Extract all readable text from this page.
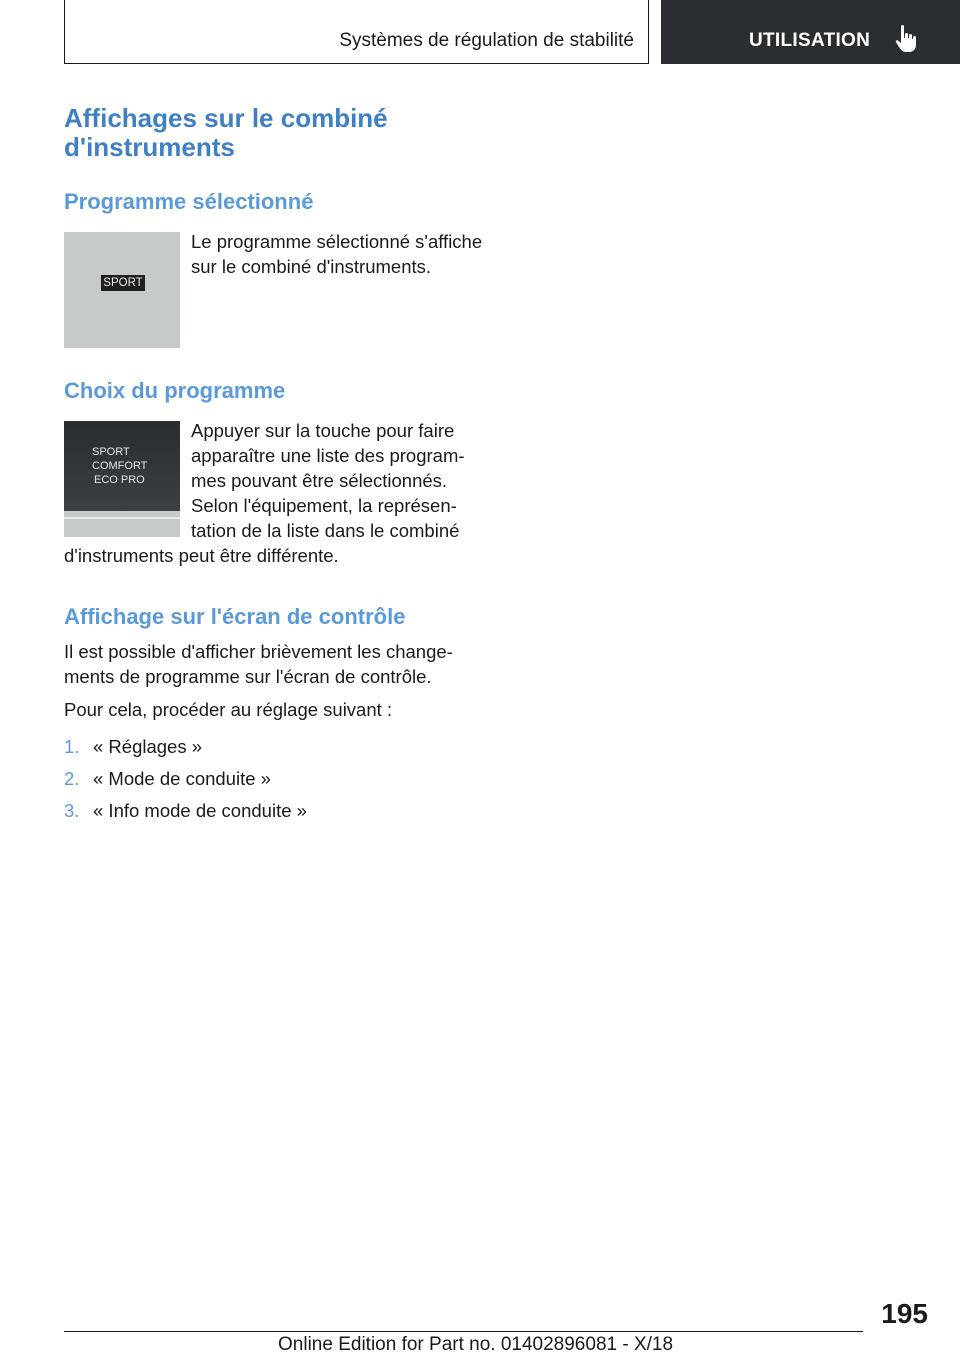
Systèmes de régulation de stabilité	UTILISATION
Affichages sur le combiné d'instruments
Programme sélectionné
SPORT
Le programme sélectionné s'affiche sur le combiné d'instruments.
Choix du programme
SPORT
COMFORT
ECO PRO
Appuyer sur la touche pour faire apparaître une liste des programmes pouvant être sélectionnés. Selon l'équipement, la représentation de la liste dans le combiné d'instruments peut être différente.
Affichage sur l'écran de contrôle
Il est possible d'afficher brièvement les changements de programme sur l'écran de contrôle.
Pour cela, procéder au réglage suivant :
1. « Réglages »
2. « Mode de conduite »
3. « Info mode de conduite »
195
Online Edition for Part no. 01402896081 - X/18
